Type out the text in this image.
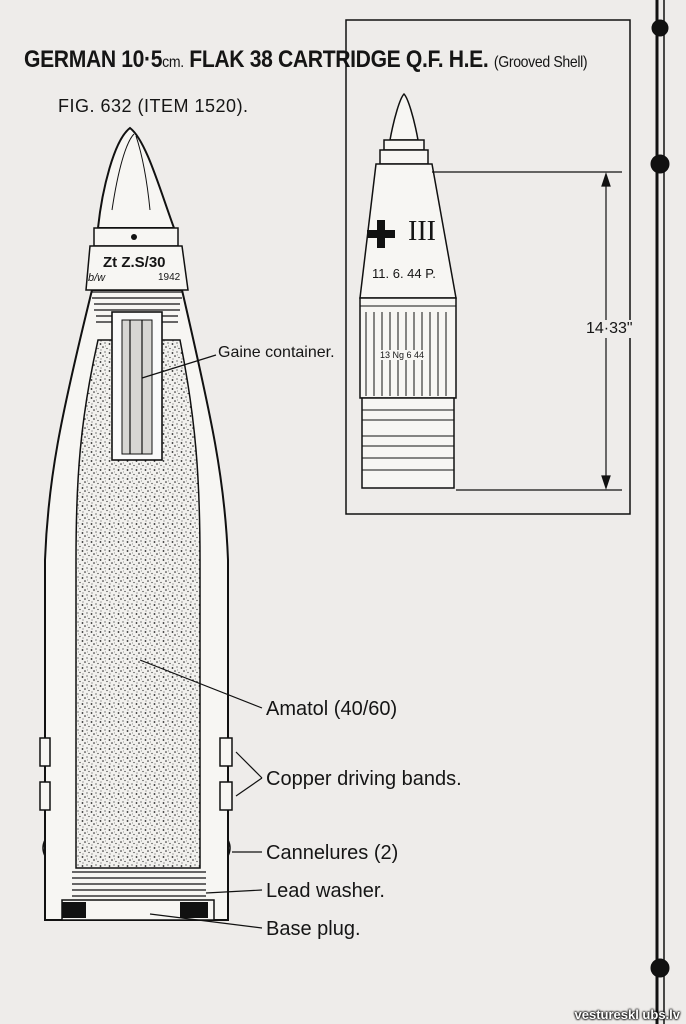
GERMAN 10·5cm. FLAK 38 CARTRIDGE Q.F. H.E. (Grooved Shell)
FIG. 632 (ITEM 1520).
Gaine container.
Amatol (40/60)
Copper driving bands.
Cannelures (2)
Lead washer.
Base plug.
Zt Z.S/30
b/w	1942
III
11. 6. 44 P.
13 Ng 6 44
14·33"
vestureskl ubs.lv
